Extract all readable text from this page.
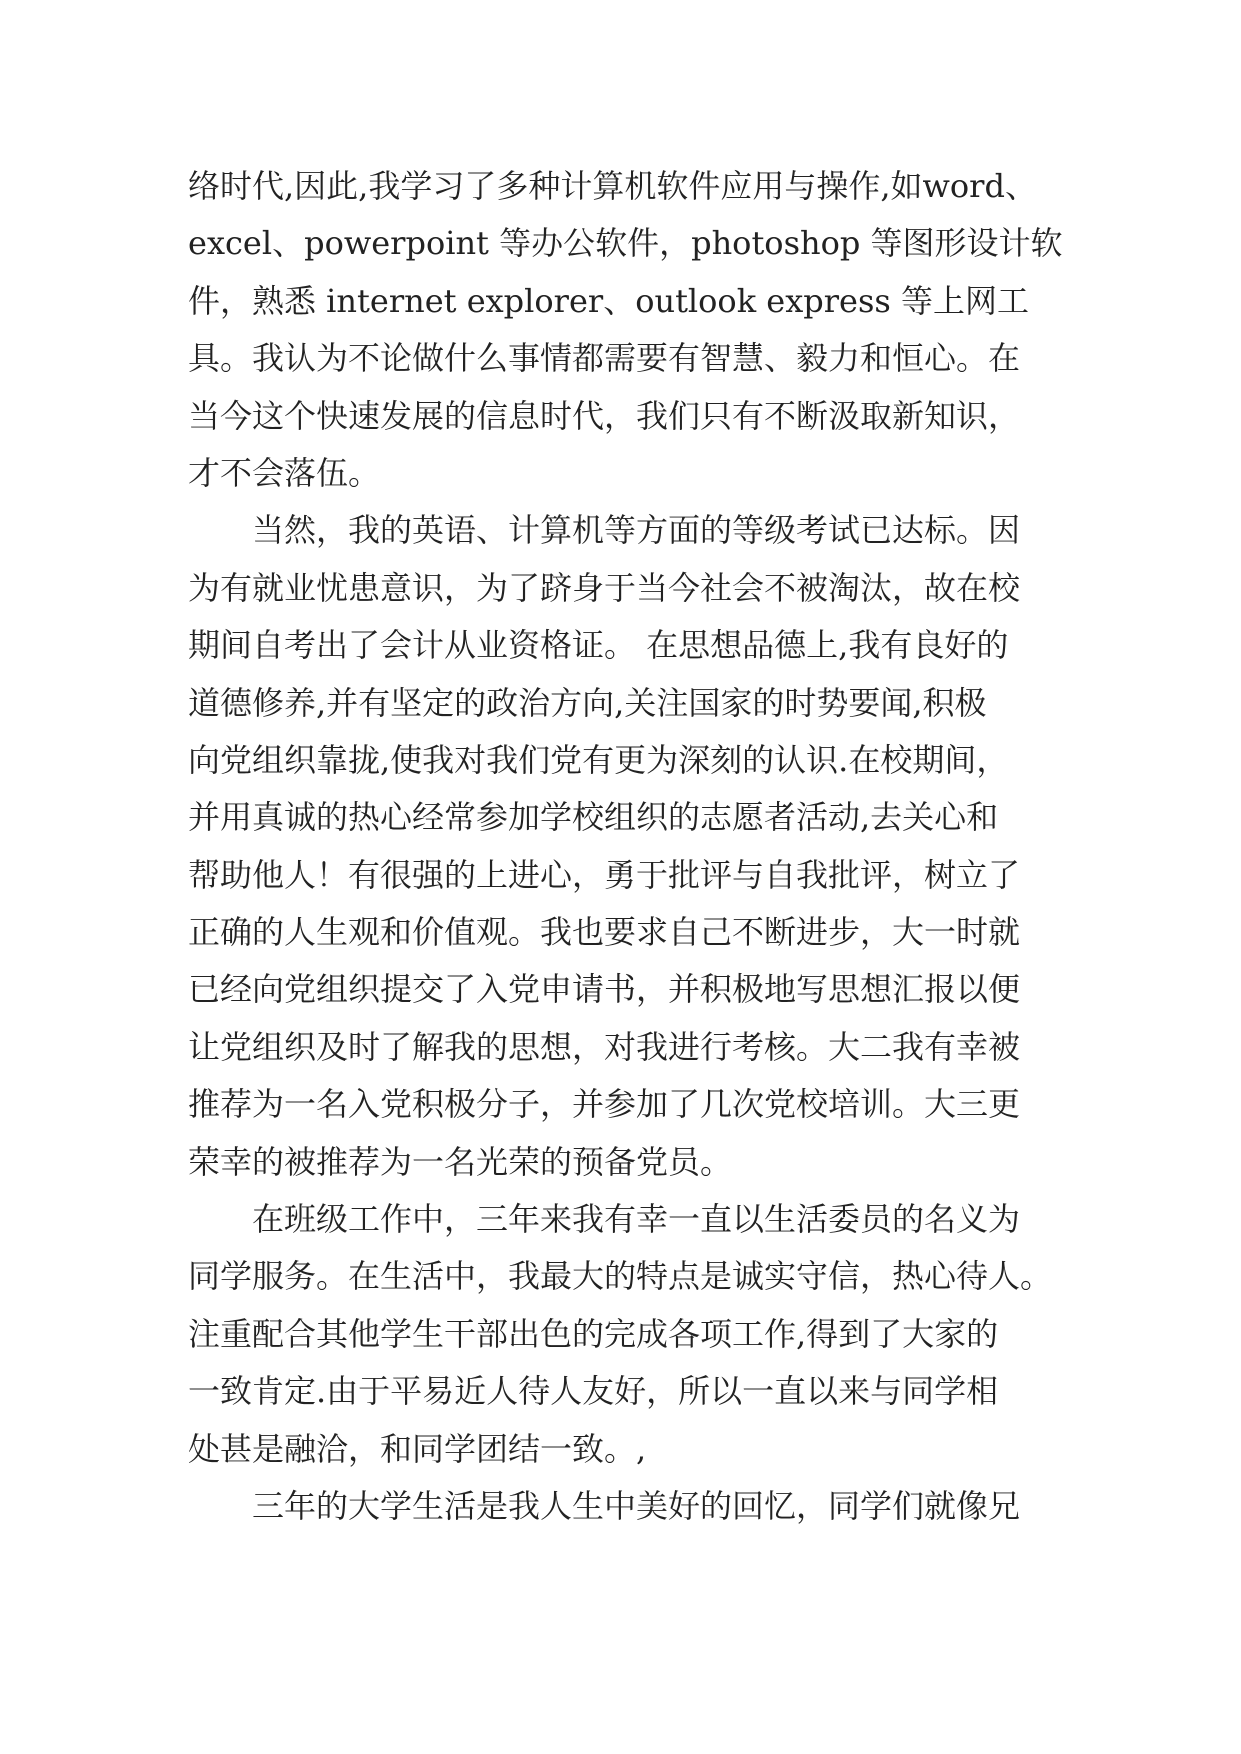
络时代,因此,我学习了多种计算机软件应用与操作,如word、
excel、powerpoint 等办公软件，photoshop 等图形设计软
件，熟悉 internet explorer、outlook express 等上网工
具。我认为不论做什么事情都需要有智慧、毅力和恒心。在
当今这个快速发展的信息时代，我们只有不断汲取新知识，
才不会落伍。
当然，我的英语、计算机等方面的等级考试已达标。因
为有就业忧患意识，为了跻身于当今社会不被淘汰，故在校
期间自考出了会计从业资格证。 在思想品德上,我有良好的
道德修养,并有坚定的政治方向,关注国家的时势要闻,积极
向党组织靠拢,使我对我们党有更为深刻的认识.在校期间，
并用真诚的热心经常参加学校组织的志愿者活动,去关心和
帮助他人！有很强的上进心，勇于批评与自我批评，树立了
正确的人生观和价值观。我也要求自己不断进步，大一时就
已经向党组织提交了入党申请书，并积极地写思想汇报以便
让党组织及时了解我的思想，对我进行考核。大二我有幸被
推荐为一名入党积极分子，并参加了几次党校培训。大三更
荣幸的被推荐为一名光荣的预备党员。
在班级工作中，三年来我有幸一直以生活委员的名义为
同学服务。在生活中，我最大的特点是诚实守信，热心待人。
注重配合其他学生干部出色的完成各项工作,得到了大家的
一致肯定.由于平易近人待人友好，所以一直以来与同学相
处甚是融洽，和同学团结一致。,
三年的大学生活是我人生中美好的回忆，同学们就像兄
